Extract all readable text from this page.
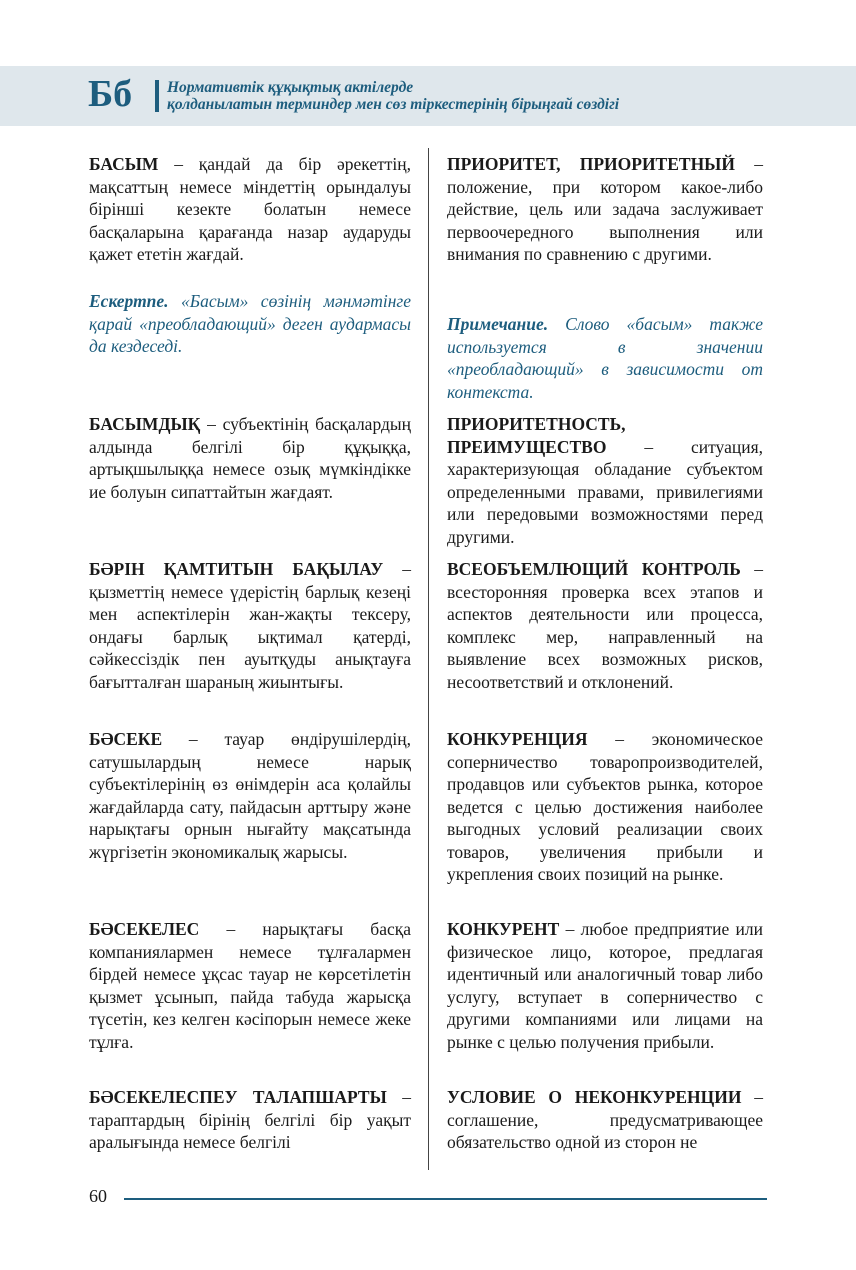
Бб Нормативтік құқықтық актілерде
қолданылатын терминдер мен сөз тіркестерінің бірыңғай сөздігі

БАСЫМ – қандай да бір әрекеттің, мақсаттың немесе міндеттің орындалуы бірінші кезекте болатын немесе басқаларына қарағанда назар аударуды қажет ететін жағдай.

Ескертпе. «Басым» сөзінің мәнмәтінге қарай «преобладающий» деген аудармасы да кездеседі.

БАСЫМДЫҚ – субъектінің басқалардың алдында белгілі бір құқыққа, артықшылыққа немесе озық мүмкіндікке ие болуын сипаттайтын жағдаят.

БӘРІН ҚАМТИТЫН БАҚЫЛАУ – қызметтің немесе үдерістің барлық кезеңі мен аспектілерін жан-жақты тексеру, ондағы барлық ықтимал қатерді, сәйкессіздік пен ауытқуды анықтауға бағытталған шараның жиынтығы.

БӘСЕКЕ – тауар өндірушілердің, сатушылардың немесе нарық субъектілерінің өз өнімдерін аса қолайлы жағдайларда сату, пайдасын арттыру және нарықтағы орнын нығайту мақсатында жүргізетін экономикалық жарысы.

БӘСЕКЕЛЕС – нарықтағы басқа компаниялармен немесе тұлғалармен бірдей немесе ұқсас тауар не көрсетілетін қызмет ұсынып, пайда табуда жарысқа түсетін, кез келген кәсіпорын немесе жеке тұлға.

БӘСЕКЕЛЕСПЕУ ТАЛАПШАРТЫ – тараптардың бірінің белгілі бір уақыт аралығында немесе белгілі

ПРИОРИТЕТ, ПРИОРИТЕТНЫЙ – положение, при котором какое-либо действие, цель или задача заслуживает первоочередного выполнения или внимания по сравнению с другими.

Примечание. Слово «басым» также используется в значении «преобладающий» в зависимости от контекста.

ПРИОРИТЕТНОСТЬ, ПРЕИМУЩЕСТВО – ситуация, характеризующая обладание субъектом определенными правами, привилегиями или передовыми возможностями перед другими.

ВСЕОБЪЕМЛЮЩИЙ КОНТРОЛЬ – всесторонняя проверка всех этапов и аспектов деятельности или процесса, комплекс мер, направленный на выявление всех возможных рисков, несоответствий и отклонений.

КОНКУРЕНЦИЯ – экономическое соперничество товаропроизводителей, продавцов или субъектов рынка, которое ведется с целью достижения наиболее выгодных условий реализации своих товаров, увеличения прибыли и укрепления своих позиций на рынке.

КОНКУРЕНТ – любое предприятие или физическое лицо, которое, предлагая идентичный или аналогичный товар либо услугу, вступает в соперничество с другими компаниями или лицами на рынке с целью получения прибыли.

УСЛОВИЕ О НЕКОНКУРЕНЦИИ – соглашение, предусматривающее обязательство одной из сторон не

60
